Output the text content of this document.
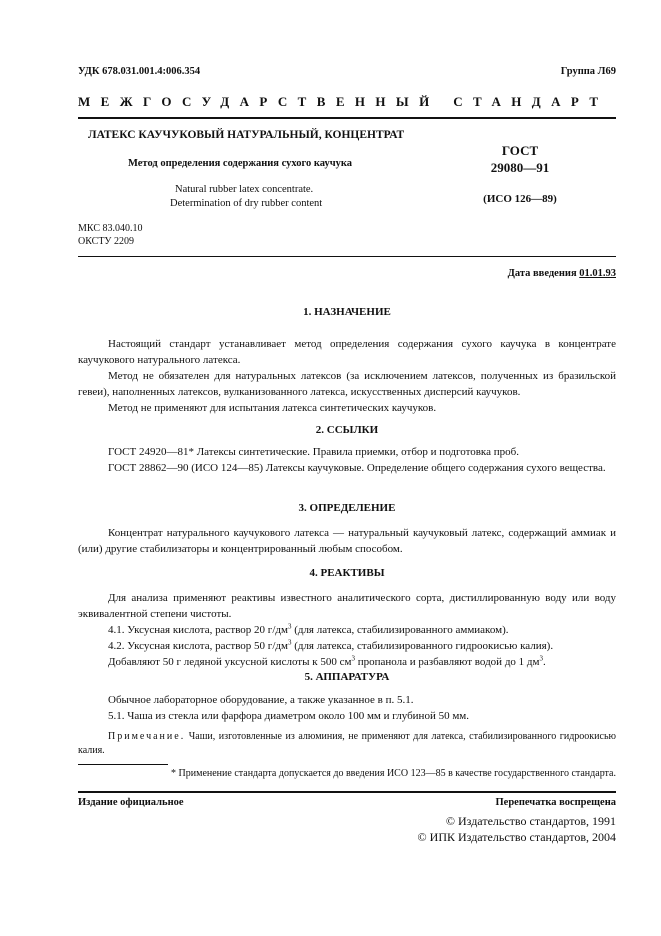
УДК 678.031.001.4:006.354	Группа Л69
МЕЖГОСУДАРСТВЕННЫЙ СТАНДАРТ
ЛАТЕКС КАУЧУКОВЫЙ НАТУРАЛЬНЫЙ, КОНЦЕНТРАТ
Метод определения содержания сухого каучука
Natural rubber latex concentrate.
Determination of dry rubber content
ГОСТ
29080—91
(ИСО 126—89)
МКС 83.040.10
ОКСТУ 2209
Дата введения 01.01.93
1. НАЗНАЧЕНИЕ

Настоящий стандарт устанавливает метод определения содержания сухого каучука в концентрате каучукового натурального латекса.

Метод не обязателен для натуральных латексов (за исключением латексов, полученных из бразильской гевеи), наполненных латексов, вулканизованного латекса, искусственных дисперсий каучуков.

Метод не применяют для испытания латекса синтетических каучуков.

2. ССЫЛКИ

ГОСТ 24920—81* Латексы синтетические. Правила приемки, отбор и подготовка проб.

ГОСТ 28862—90 (ИСО 124—85) Латексы каучуковые. Определение общего содержания сухого вещества.

3. ОПРЕДЕЛЕНИЕ

Концентрат натурального каучукового латекса — натуральный каучуковый латекс, содержащий аммиак и (или) другие стабилизаторы и концентрированный любым способом.

4. РЕАКТИВЫ

Для анализа применяют реактивы известного аналитического сорта, дистиллированную воду или воду эквивалентной степени чистоты.

4.1. Уксусная кислота, раствор 20 $г/дм^3$ (для латекса, стабилизированного аммиаком).

4.2. Уксусная кислота, раствор 50 $г/дм^3$ (для латекса, стабилизированного гидроокисью калия).

Добавляют 50 г ледяной уксусной кислоты к 500 $см^3$ пропанола и разбавляют водой до 1 $дм^3$.

5. АППАРАТУРА

Обычное лабораторное оборудование, а также указанное в п. 5.1.

5.1. Чаша из стекла или фарфора диаметром около 100 мм и глубиной 50 мм.

Примечание. Чаши, изготовленные из алюминия, не применяют для латекса, стабилизированного гидроокисью калия.

* Применение стандарта допускается до введения ИСО 123—85 в качестве государственного стандарта.
Издание официальное	Перепечатка воспрещена
© Издательство стандартов, 1991
© ИПК Издательство стандартов, 2004
